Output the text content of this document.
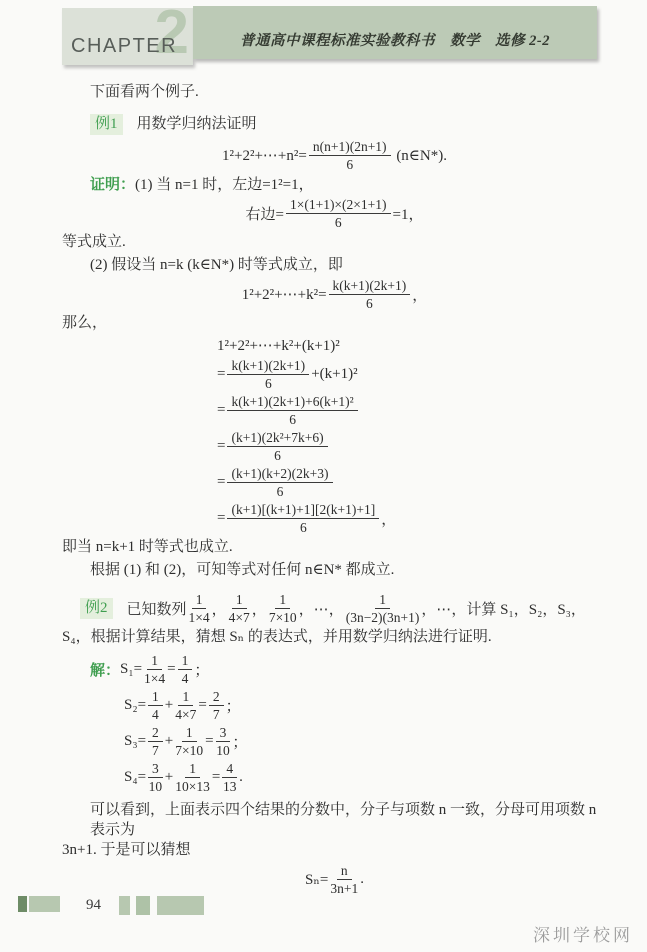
2
CHAPTER	普通高中课程标准实验教科书　数学　选修 2-2

下面看两个例子.

例1 用数学归纳法证明
1²+2²+⋯+n²= $\frac{n(n+1)(2n+1)}{6}$ (n∈N*).

证明：(1) 当 n=1 时，左边=1²=1，

右边= $\frac{1\times(1+1)\times(2\times 1+1)}{6} =1$，

等式成立.

(2) 假设当 n=k (k∈N*) 时等式成立，即

1²+2²+⋯+k²= $\frac{k(k+1)(2k+1)}{6}$ ，

那么，

1²+2²+⋯+k²+(k+1)²
= $\frac{k(k+1)(2k+1)}{6} +(k+1)^2$
= $\frac{\text{k(k+1)(2k+1)+6(k+1)²}}{6}$
= $\frac{\text{(k+1)(2k²+7k+6)}}{6}$
= $\frac{(k+1)(k+2)(2k+3)}{6}$
= $\frac{(k+1)[(k+1)+1][2(k+1)+1]}{6}$ ，

即当 n=k+1 时等式也成立.

根据 (1) 和 (2)，可知等式对任何 n∈N* 都成立.

例2	已知数列 $\frac{1}{1\times 4}$ ， $\frac{1}{4\times 7}$ ， $\frac{1}{7\times 10}$ ，⋯， $\frac{1}{(3n-2)(3n+1)}$ ，⋯，计算 S₁，S₂，S₃，

S₄，根据计算结果，猜想 Sₙ 的表达式，并用数学归纳法进行证明.

解： $S_1= \frac{1}{1\times 4} = \frac{1}{4}$ ；
$S_2= \frac{1}{4} + \frac{1}{4\times 7} = \frac{2}{7}$ ；
$S_3= \frac{2}{7} + \frac{1}{7\times 10} = \frac{3}{10}$ ；
$S_4= \frac{3}{10} + \frac{1}{10\times 13} = \frac{4}{13}$ .

可以看到，上面表示四个结果的分数中，分子与项数 n 一致，分母可用项数 n 表示为

3n+1. 于是可以猜想

$S_n= \frac{n}{3n+1}$ .
94
深圳学校网
